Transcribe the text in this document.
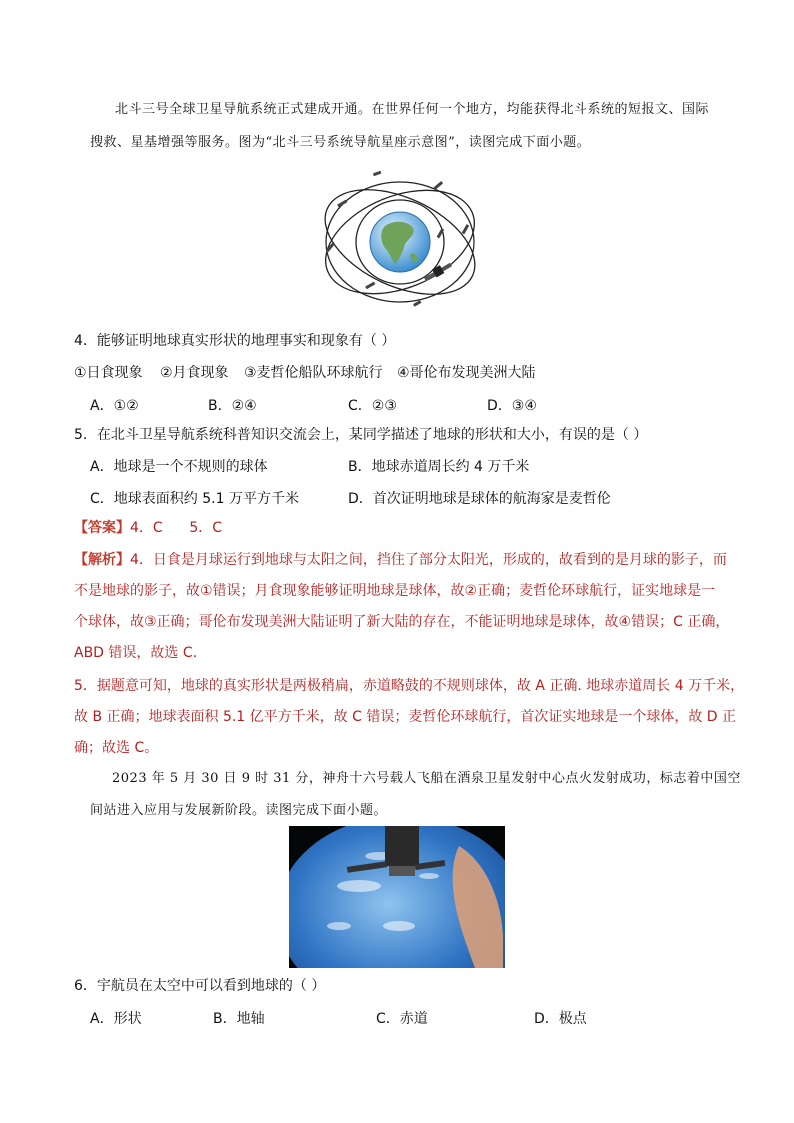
北斗三号全球卫星导航系统正式建成开通。在世界任何一个地方，均能获得北斗系统的短报文、国际
搜救、星基增强等服务。图为“北斗三号系统导航星座示意图”，读图完成下面小题。
4．能够证明地球真实形状的地理事实和现象有（ ）
①日食现象 ②月食现象 ③麦哲伦船队环球航行 ④哥伦布发现美洲大陆
A．①②	B．②④	C．②③	D．③④
5．在北斗卫星导航系统科普知识交流会上，某同学描述了地球的形状和大小，有误的是（ ）
A．地球是一个不规则的球体	B．地球赤道周长约 4 万千米
C．地球表面积约 5.1 万平方千米	D．首次证明地球是球体的航海家是麦哲伦
【答案】4．C      5．C
【解析】4．日食是月球运行到地球与太阳之间，挡住了部分太阳光，形成的，故看到的是月球的影子，而
不是地球的影子，故①错误；月食现象能够证明地球是球体，故②正确；麦哲伦环球航行，证实地球是一
个球体，故③正确；哥伦布发现美洲大陆证明了新大陆的存在，不能证明地球是球体，故④错误；C 正确，
ABD 错误，故选 C.
5．据题意可知，地球的真实形状是两极稍扁，赤道略鼓的不规则球体，故 A 正确. 地球赤道周长 4 万千米，
故 B 正确；地球表面积 5.1 亿平方千米，故 C 错误；麦哲伦环球航行，首次证实地球是一个球体，故 D 正
确；故选 C。
2023 年 5 月 30 日 9 时 31 分，神舟十六号载人飞船在酒泉卫星发射中心点火发射成功，标志着中国空
间站进入应用与发展新阶段。读图完成下面小题。
6．宇航员在太空中可以看到地球的（ ）
A．形状	B．地轴	C．赤道	D．极点
